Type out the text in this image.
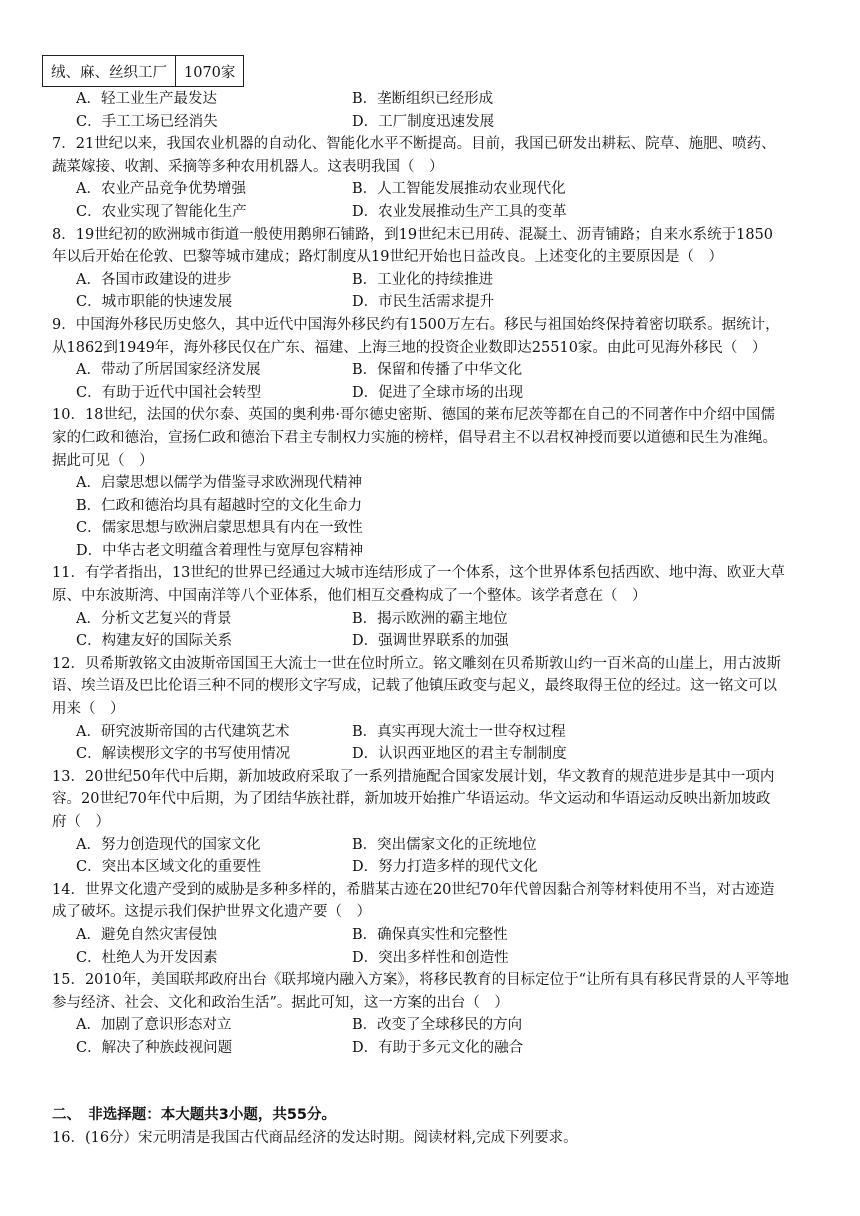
绒、麻、丝织工厂	1070家
A．轻工业生产最发达	B．垄断组织已经形成
C．手工工场已经消失	D．工厂制度迅速发展
7．21世纪以来，我国农业机器的自动化、智能化水平不断提高。目前，我国已研发出耕耘、院草、施肥、喷药、
蔬菜嫁接、收割、采摘等多种农用机器人。这表明我国（　）
A．农业产品竞争优势增强	B．人工智能发展推动农业现代化
C．农业实现了智能化生产	D．农业发展推动生产工具的变革
8．19世纪初的欧洲城市街道一般使用鹅卵石铺路，到19世纪末已用砖、混凝土、沥青铺路；自来水系统于1850
年以后开始在伦敦、巴黎等城市建成；路灯制度从19世纪开始也日益改良。上述变化的主要原因是（　）
A．各国市政建设的进步	B．工业化的持续推进
C．城市职能的快速发展	D．市民生活需求提升
9．中国海外移民历史悠久，其中近代中国海外移民约有1500万左右。移民与祖国始终保持着密切联系。据统计，
从1862到1949年，海外移民仅在广东、福建、上海三地的投资企业数即达25510家。由此可见海外移民（　）
A．带动了所居国家经济发展	B．保留和传播了中华文化
C．有助于近代中国社会转型	D．促进了全球市场的出现
10．18世纪，法国的伏尔泰、英国的奥利弗·哥尔德史密斯、德国的莱布尼茨等都在自己的不同著作中介绍中国儒
家的仁政和德治，宣扬仁政和德治下君主专制权力实施的榜样，倡导君主不以君权神授而要以道德和民生为准绳。
据此可见（　）
A．启蒙思想以儒学为借鉴寻求欧洲现代精神
B．仁政和德治均具有超越时空的文化生命力
C．儒家思想与欧洲启蒙思想具有内在一致性
D．中华古老文明蕴含着理性与宽厚包容精神
11．有学者指出，13世纪的世界已经通过大城市连结形成了一个体系，这个世界体系包括西欧、地中海、欧亚大草
原、中东波斯湾、中国南洋等八个亚体系，他们相互交叠构成了一个整体。该学者意在（　）
A．分析文艺复兴的背景	B．揭示欧洲的霸主地位
C．构建友好的国际关系	D．强调世界联系的加强
12．贝希斯敦铭文由波斯帝国国王大流士一世在位时所立。铭文雕刻在贝希斯敦山约一百米高的山崖上，用古波斯
语、埃兰语及巴比伦语三种不同的楔形文字写成，记载了他镇压政变与起义，最终取得王位的经过。这一铭文可以
用来（　）
A．研究波斯帝国的古代建筑艺术	B．真实再现大流士一世夺权过程
C．解读楔形文字的书写使用情况	D．认识西亚地区的君主专制制度
13．20世纪50年代中后期，新加坡政府采取了一系列措施配合国家发展计划，华文教育的规范进步是其中一项内
容。20世纪70年代中后期，为了团结华族社群，新加坡开始推广华语运动。华文运动和华语运动反映出新加坡政
府（　）
A．努力创造现代的国家文化	B．突出儒家文化的正统地位
C．突出本区域文化的重要性	D．努力打造多样的现代文化
14．世界文化遗产受到的威胁是多种多样的，希腊某古迹在20世纪70年代曾因黏合剂等材料使用不当，对古迹造
成了破坏。这提示我们保护世界文化遗产要（　）
A．避免自然灾害侵蚀	B．确保真实性和完整性
C．杜绝人为开发因素	D．突出多样性和创造性
15．2010年，美国联邦政府出台《联邦境内融入方案》，将移民教育的目标定位于“让所有具有移民背景的人平等地
参与经济、社会、文化和政治生活”。据此可知，这一方案的出台（　）
A．加剧了意识形态对立	B．改变了全球移民的方向
C．解决了种族歧视问题	D．有助于多元文化的融合
二、　非选择题：本大题共3小题，共55分。
16．(16分）宋元明清是我国古代商品经济的发达时期。阅读材料,完成下列要求。
